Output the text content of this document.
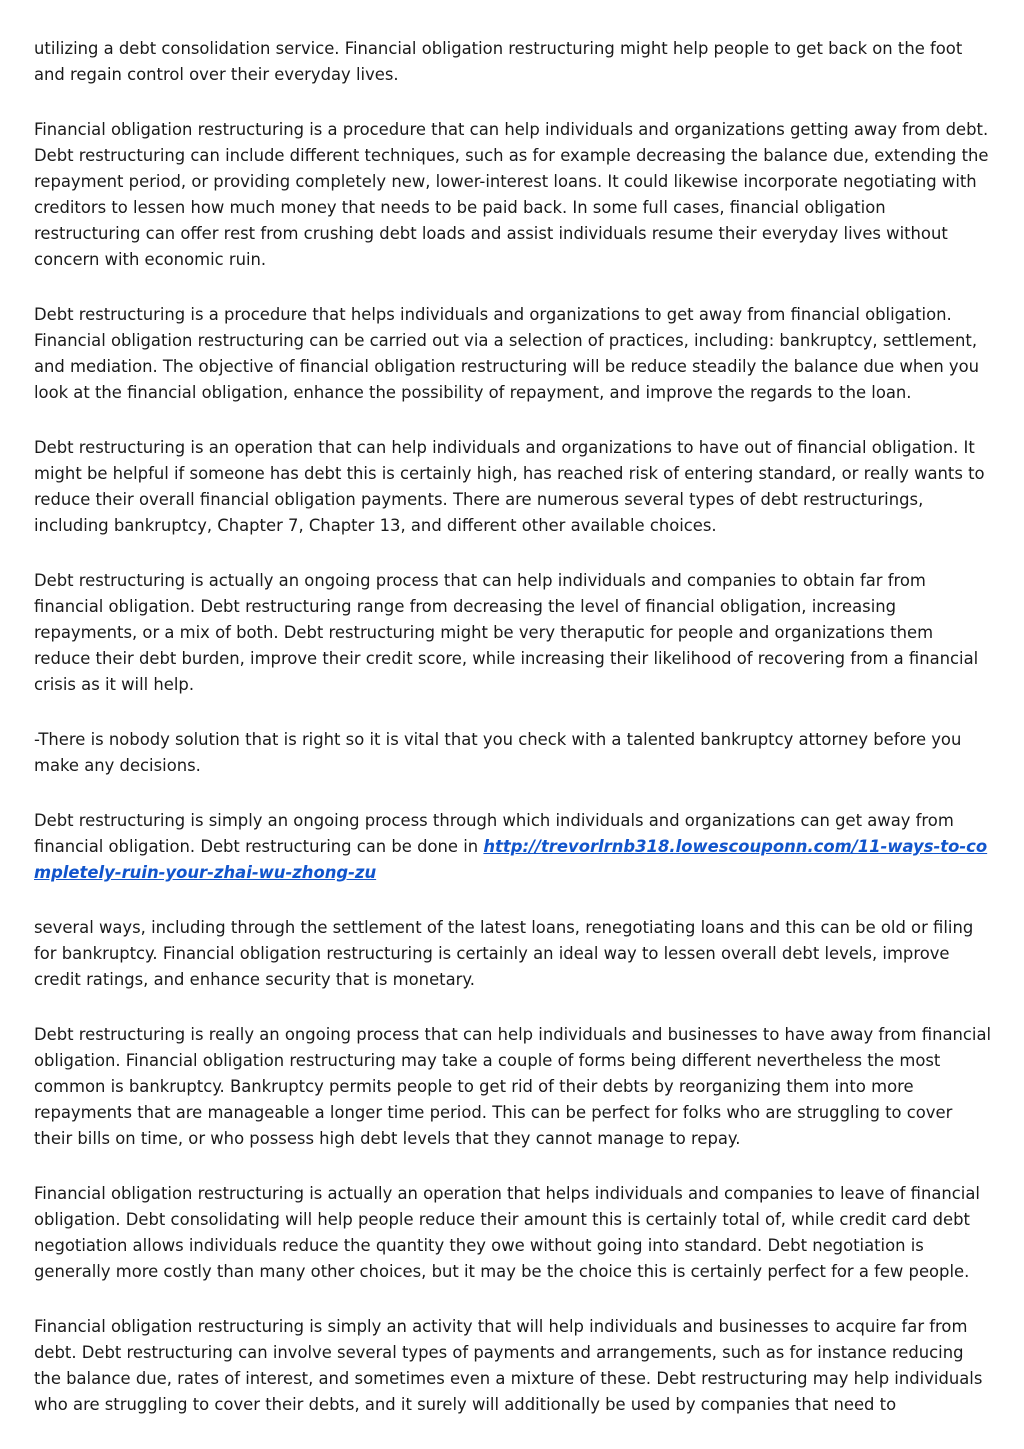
utilizing a debt consolidation service. Financial obligation restructuring might help people to get back on the foot and regain control over their everyday lives.

Financial obligation restructuring is a procedure that can help individuals and organizations getting away from debt. Debt restructuring can include different techniques, such as for example decreasing the balance due, extending the repayment period, or providing completely new, lower-interest loans. It could likewise incorporate negotiating with creditors to lessen how much money that needs to be paid back. In some full cases, financial obligation restructuring can offer rest from crushing debt loads and assist individuals resume their everyday lives without concern with economic ruin.

Debt restructuring is a procedure that helps individuals and organizations to get away from financial obligation. Financial obligation restructuring can be carried out via a selection of practices, including: bankruptcy, settlement, and mediation. The objective of financial obligation restructuring will be reduce steadily the balance due when you look at the financial obligation, enhance the possibility of repayment, and improve the regards to the loan.

Debt restructuring is an operation that can help individuals and organizations to have out of financial obligation. It might be helpful if someone has debt this is certainly high, has reached risk of entering standard, or really wants to reduce their overall financial obligation payments. There are numerous several types of debt restructurings, including bankruptcy, Chapter 7, Chapter 13, and different other available choices.

Debt restructuring is actually an ongoing process that can help individuals and companies to obtain far from financial obligation. Debt restructuring range from decreasing the level of financial obligation, increasing repayments, or a mix of both. Debt restructuring might be very theraputic for people and organizations them reduce their debt burden, improve their credit score, while increasing their likelihood of recovering from a financial crisis as it will help.

-There is nobody solution that is right so it is vital that you check with a talented bankruptcy attorney before you make any decisions.

Debt restructuring is simply an ongoing process through which individuals and organizations can get away from financial obligation. Debt restructuring can be done in http://trevorlrnb318.lowescouponn.com/11-ways-to-completely-ruin-your-zhai-wu-zhong-zu

several ways, including through the settlement of the latest loans, renegotiating loans and this can be old or filing for bankruptcy. Financial obligation restructuring is certainly an ideal way to lessen overall debt levels, improve credit ratings, and enhance security that is monetary.

Debt restructuring is really an ongoing process that can help individuals and businesses to have away from financial obligation. Financial obligation restructuring may take a couple of forms being different nevertheless the most common is bankruptcy. Bankruptcy permits people to get rid of their debts by reorganizing them into more repayments that are manageable a longer time period. This can be perfect for folks who are struggling to cover their bills on time, or who possess high debt levels that they cannot manage to repay.

Financial obligation restructuring is actually an operation that helps individuals and companies to leave of financial obligation. Debt consolidating will help people reduce their amount this is certainly total of, while credit card debt negotiation allows individuals reduce the quantity they owe without going into standard. Debt negotiation is generally more costly than many other choices, but it may be the choice this is certainly perfect for a few people.

Financial obligation restructuring is simply an activity that will help individuals and businesses to acquire far from debt. Debt restructuring can involve several types of payments and arrangements, such as for instance reducing the balance due, rates of interest, and sometimes even a mixture of these. Debt restructuring may help individuals who are struggling to cover their debts, and it surely will additionally be used by companies that need to
